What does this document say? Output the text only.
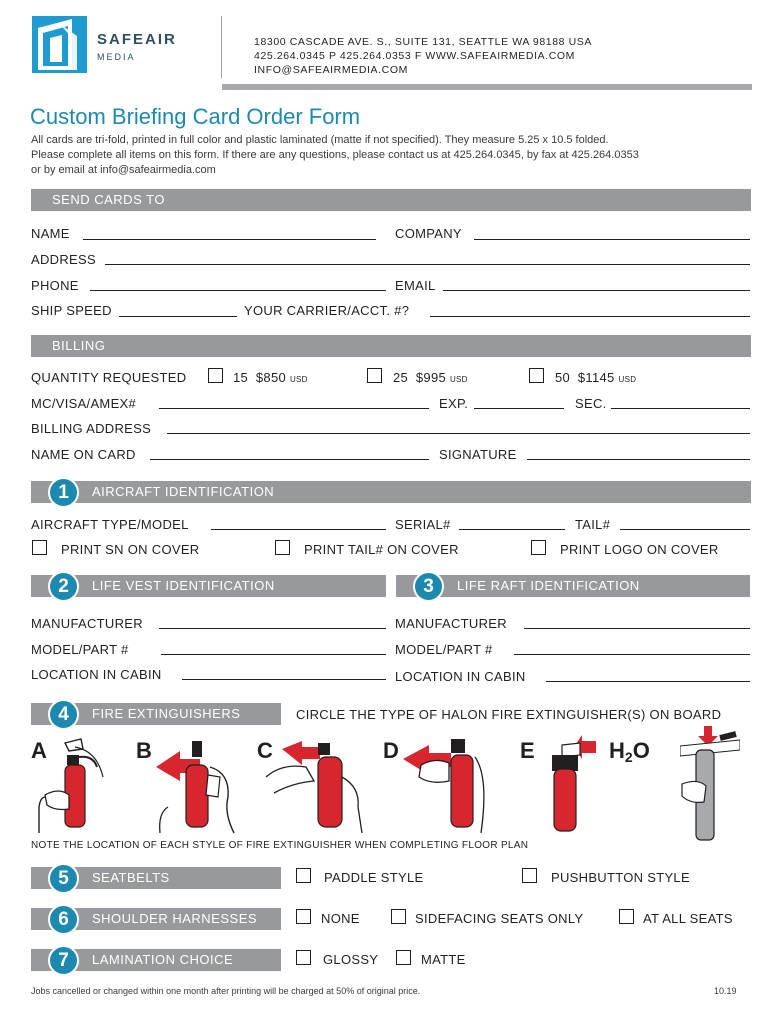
SAFEAIR
MEDIA
18300 CASCADE AVE. S., SUITE 131, SEATTLE WA 98188 USA
425.264.0345 P 425.264.0353 F WWW.SAFEAIRMEDIA.COM
INFO@SAFEAIRMEDIA.COM
Custom Briefing Card Order Form
All cards are tri-fold, printed in full color and plastic laminated (matte if not specified). They measure 5.25 x 10.5 folded.
Please complete all items on this form. If there are any questions, please contact us at 425.264.0345, by fax at 425.264.0353
or by email at info@safeairmedia.com
SEND CARDS TO
NAME	COMPANY
ADDRESS
PHONE	EMAIL
SHIP SPEED	YOUR CARRIER/ACCT. #?
BILLING
QUANTITY REQUESTED	15 $850 USD	25 $995 USD	50 $1145 USD
MC/VISA/AMEX#	EXP.	SEC.
BILLING ADDRESS
NAME ON CARD	SIGNATURE
AIRCRAFT IDENTIFICATION
1
AIRCRAFT TYPE/MODEL	SERIAL#	TAIL#
PRINT SN ON COVER	PRINT TAIL# ON COVER	PRINT LOGO ON COVER
LIFE VEST IDENTIFICATION
2	LIFE RAFT IDENTIFICATION
3
MANUFACTURER	MANUFACTURER
MODEL/PART #	MODEL/PART #
LOCATION IN CABIN	LOCATION IN CABIN
FIRE EXTINGUISHERS
4	CIRCLE THE TYPE OF HALON FIRE EXTINGUISHER(S) ON BOARD
A	B	C	D	E	H2O
NOTE THE LOCATION OF EACH STYLE OF FIRE EXTINGUISHER WHEN COMPLETING FLOOR PLAN
SEATBELTS
5	PADDLE STYLE	PUSHBUTTON STYLE
SHOULDER HARNESSES
6	NONE	SIDEFACING SEATS ONLY	AT ALL SEATS
LAMINATION CHOICE
7	GLOSSY	MATTE
Jobs cancelled or changed within one month after printing will be charged at 50% of original price.	10.19
